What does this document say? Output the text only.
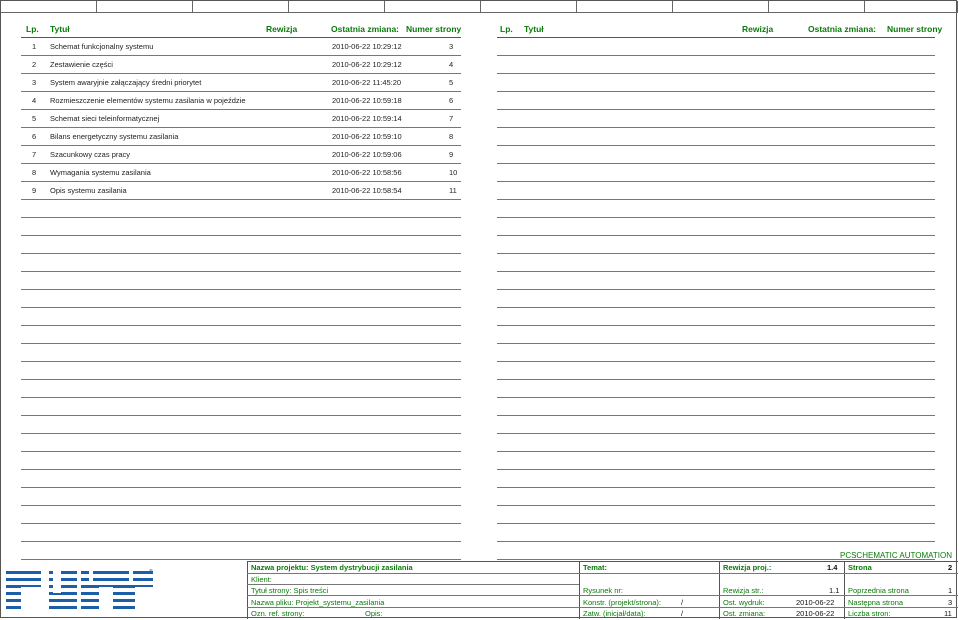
Lp. Tytuł	Rewizja	Ostatnia zmiana: Numer strony
1 Schemat funkcjonalny systemu	2010-06-22 10:29:12	3
2 Zestawienie części	2010-06-22 10:29:12	4
3 System awaryjnie załączający średni priorytet	2010-06-22 11:45:20	5
4 Rozmieszczenie elementów systemu zasilania w pojeździe	2010-06-22 10:59:18	6
5 Schemat sieci teleinformatycznej	2010-06-22 10:59:14	7
6 Bilans energetyczny systemu zasilania	2010-06-22 10:59:10	8
7 Szacunkowy czas pracy	2010-06-22 10:59:06	9
8 Wymagania systemu zasilania	2010-06-22 10:58:56	10
9 Opis systemu zasilania	2010-06-22 10:58:54	11
Lp. Tytuł	Rewizja	Ostatnia zmiana: Numer strony
PCSCHEMATIC AUTOMATION
®	Nazwa projektu: System dystrybucji zasilania
Klient:
Tytuł strony: Spis treści
Nazwa pliku: Projekt_systemu_zasilania
Ozn. ref. strony:	Opis:
Temat:
Rysunek nr:
Konstr. (projekt/strona):	/
Zatw. (inicjał/data):	/
Rewizja proj.:	1.4
Rewizja str.:	1.1
Ost. wydruk:	2010-06-22
Ost. zmiana:	2010-06-22
Strona	2
Poprzednia strona	1
Następna strona	3
Liczba stron:	11
